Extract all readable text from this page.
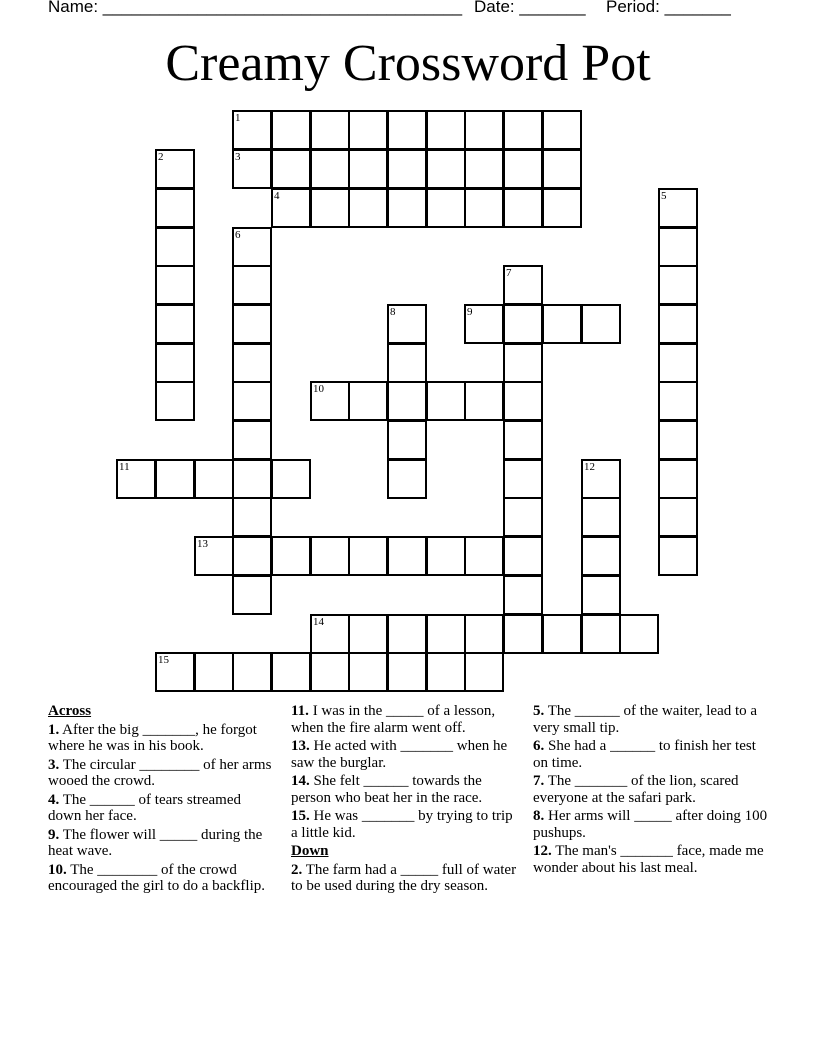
Name: ______________________________________

Date: _______

Period: _______

Creamy Crossword Pot
1
2	3
4	5
6
7
8	9
10
11	12
13
14
15
Across
1. After the big _______, he forgot where he was in his book.
3. The circular ________ of her arms wooed the crowd.
4. The ______ of tears streamed down her face.
9. The flower will _____ during the heat wave.
10. The ________ of the crowd encouraged the girl to do a backflip.
11. I was in the _____ of a lesson, when the fire alarm went off.
13. He acted with _______ when he saw the burglar.
14. She felt ______ towards the person who beat her in the race.
15. He was _______ by trying to trip a little kid.
Down
2. The farm had a _____ full of water to be used during the dry season.
5. The ______ of the waiter, lead to a very small tip.
6. She had a ______ to finish her test on time.
7. The _______ of the lion, scared everyone at the safari park.
8. Her arms will _____ after doing 100 pushups.
12. The man's _______ face, made me wonder about his last meal.
